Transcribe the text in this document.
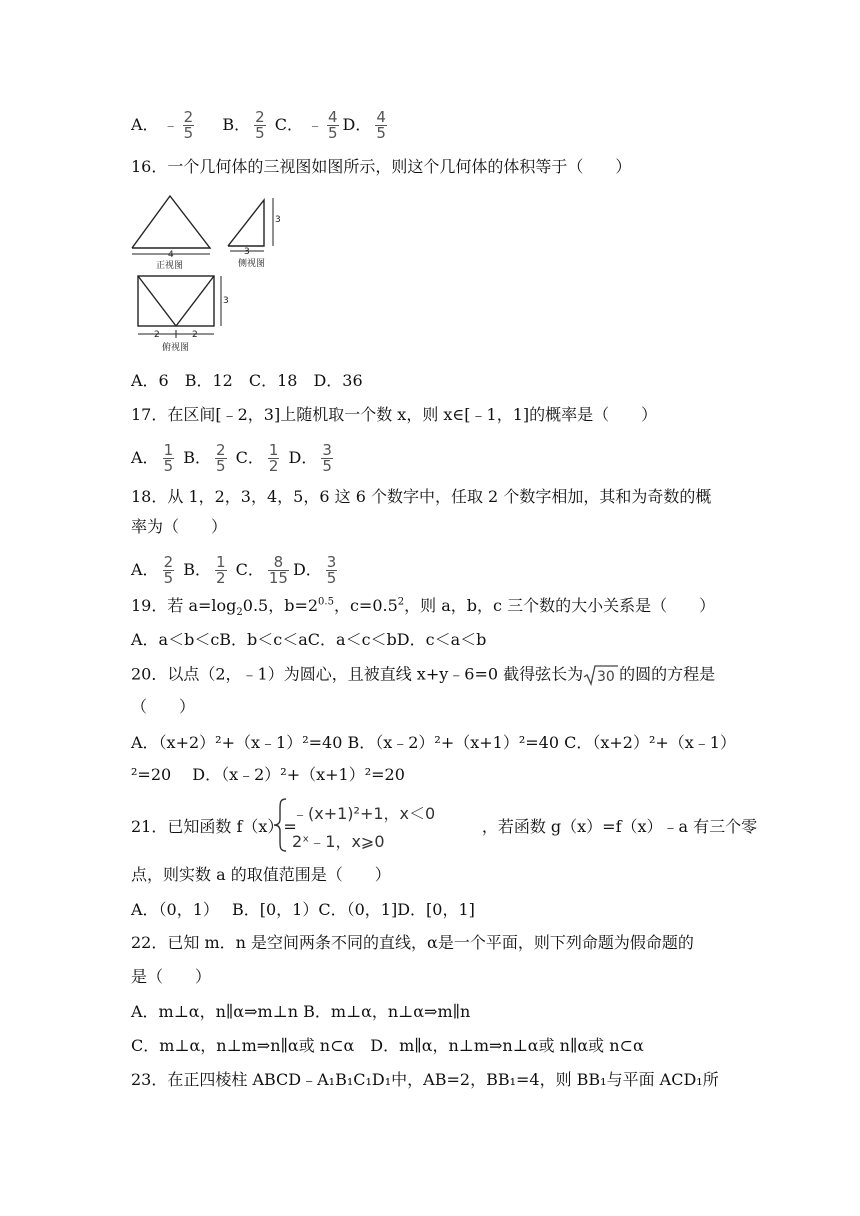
A． ﹣ $\frac{2}{5}$ B． $\frac{2}{5}$ C． ﹣ $\frac{4}{5}$ D． $\frac{4}{5}$
16．一个几何体的三视图如图所示，则这个几何体的体积等于（　　）
4
正视图
3
3
侧视图
3
2	2
俯视图
A．6　B．12　C．18　D．36
17．在区间[﹣2，3]上随机取一个数 x，则 x∈[﹣1，1]的概率是（　　）
A． $\frac{1}{5}$ B． $\frac{2}{5}$ C． $\frac{1}{2}$ D． $\frac{3}{5}$
18．从 1，2，3，4，5，6 这 6 个数字中，任取 2 个数字相加，其和为奇数的概
率为（　　）
A． $\frac{2}{5}$ B． $\frac{1}{2}$ C． $\frac{8}{15}$ D． $\frac{3}{5}$
19．若 $a=\log_20.5$，$b=2^{0.5}$，$c=0.5^2$，则 a，b，c 三个数的大小关系是（　　）
A．a＜b＜cB．b＜c＜aC．a＜c＜bD．c＜a＜b
20．以点（2，﹣1）为圆心，且被直线 x+y﹣6=0 截得弦长为 30 的圆的方程是
（　　）
A．（x+2）²+（x﹣1）²=40 B．（x﹣2）²+（x+1）²=40 C．（x+2）²+（x﹣1）
²=20　 D．（x﹣2）²+（x+1）²=20
21．已知函数 f（x）=	，若函数 g（x）=f（x）﹣a 有三个零
﹣(x+1)²+1，x＜0
2ˣ﹣1，x⩾0
点，则实数 a 的取值范围是（　　）
A．（0，1）　 B．[0，1）C．（0，1]D．[0，1]
22．已知 m．n 是空间两条不同的直线，α是一个平面，则下列命题为假命题的
是（　　）
A．m⊥α，n∥α⇒m⊥n B．m⊥α，n⊥α⇒m∥n
C．m⊥α，n⊥m⇒n∥α或 n⊂α　D．m∥α，n⊥m⇒n⊥α或 n∥α或 n⊂α
23．在正四棱柱 ABCD﹣A₁B₁C₁D₁中，AB=2，BB₁=4，则 BB₁与平面 ACD₁所
